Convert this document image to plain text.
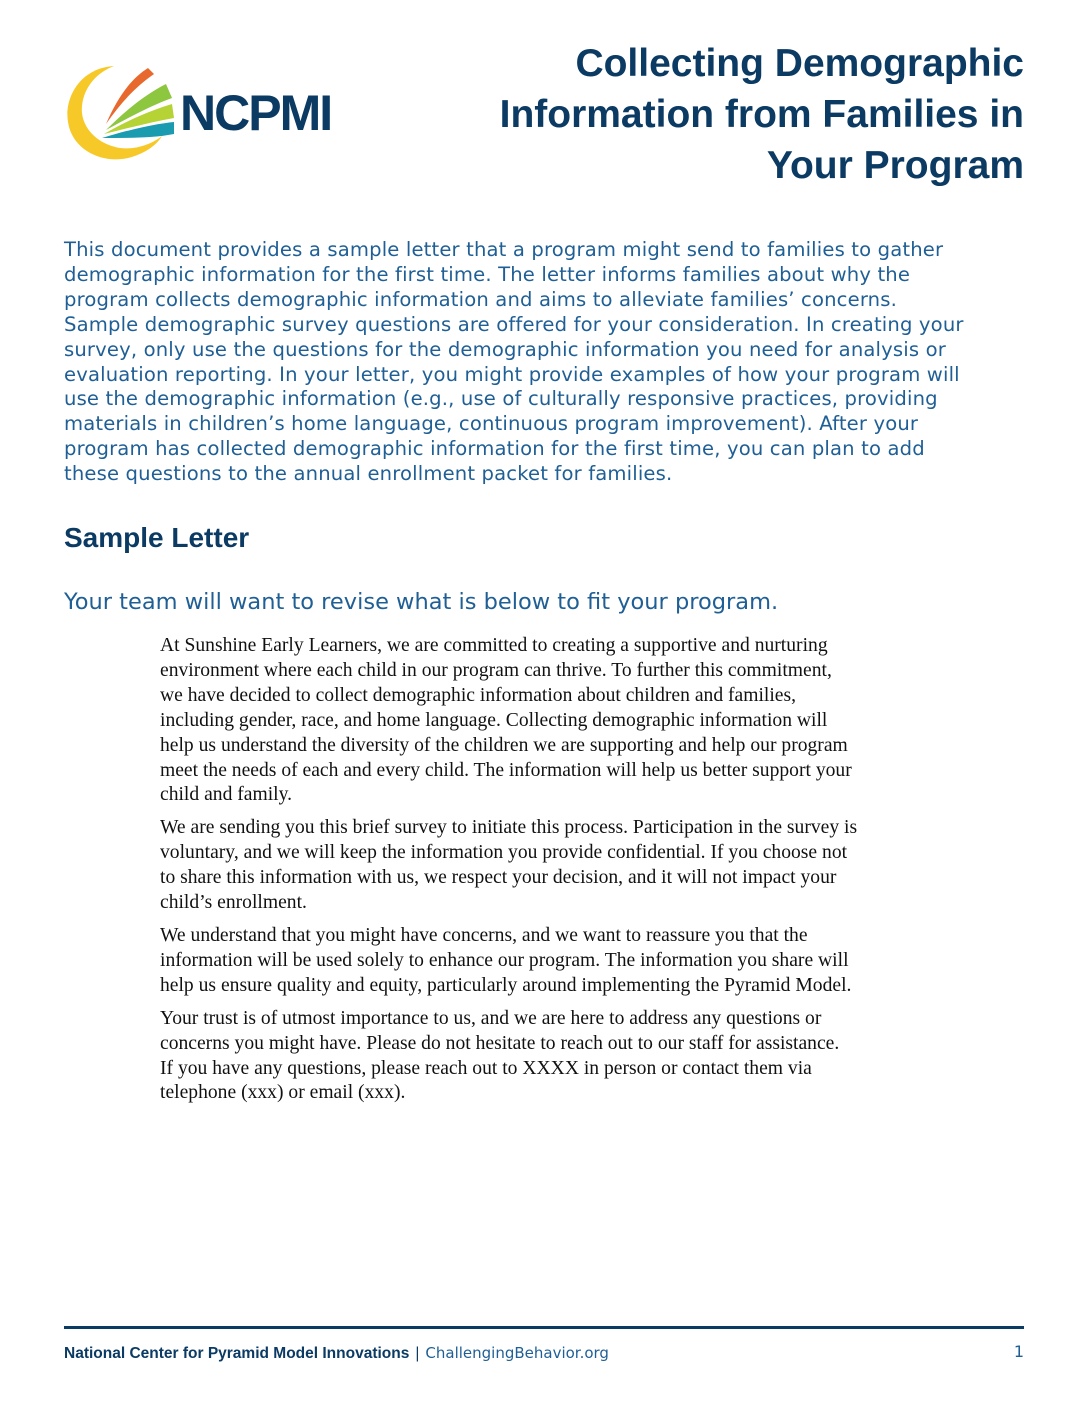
NCPMI
Collecting Demographic
Information from Families in
Your Program
This document provides a sample letter that a program might send to families to gather
demographic information for the first time. The letter informs families about why the
program collects demographic information and aims to alleviate families’ concerns.
Sample demographic survey questions are offered for your consideration. In creating your
survey, only use the questions for the demographic information you need for analysis or
evaluation reporting. In your letter, you might provide examples of how your program will
use the demographic information (e.g., use of culturally responsive practices, providing
materials in children’s home language, continuous program improvement). After your
program has collected demographic information for the first time, you can plan to add
these questions to the annual enrollment packet for families.
Sample Letter

Your team will want to revise what is below to fit your program.

At Sunshine Early Learners, we are committed to creating a supportive and nurturing
environment where each child in our program can thrive. To further this commitment,
we have decided to collect demographic information about children and families,
including gender, race, and home language. Collecting demographic information will
help us understand the diversity of the children we are supporting and help our program
meet the needs of each and every child. The information will help us better support your
child and family.

We are sending you this brief survey to initiate this process. Participation in the survey is
voluntary, and we will keep the information you provide confidential. If you choose not
to share this information with us, we respect your decision, and it will not impact your
child’s enrollment.

We understand that you might have concerns, and we want to reassure you that the
information will be used solely to enhance our program. The information you share will
help us ensure quality and equity, particularly around implementing the Pyramid Model.

Your trust is of utmost importance to us, and we are here to address any questions or
concerns you might have. Please do not hesitate to reach out to our staff for assistance.
If you have any questions, please reach out to XXXX in person or contact them via
telephone (xxx) or email (xxx).

National Center for Pyramid Model Innovations | ChallengingBehavior.org	1
